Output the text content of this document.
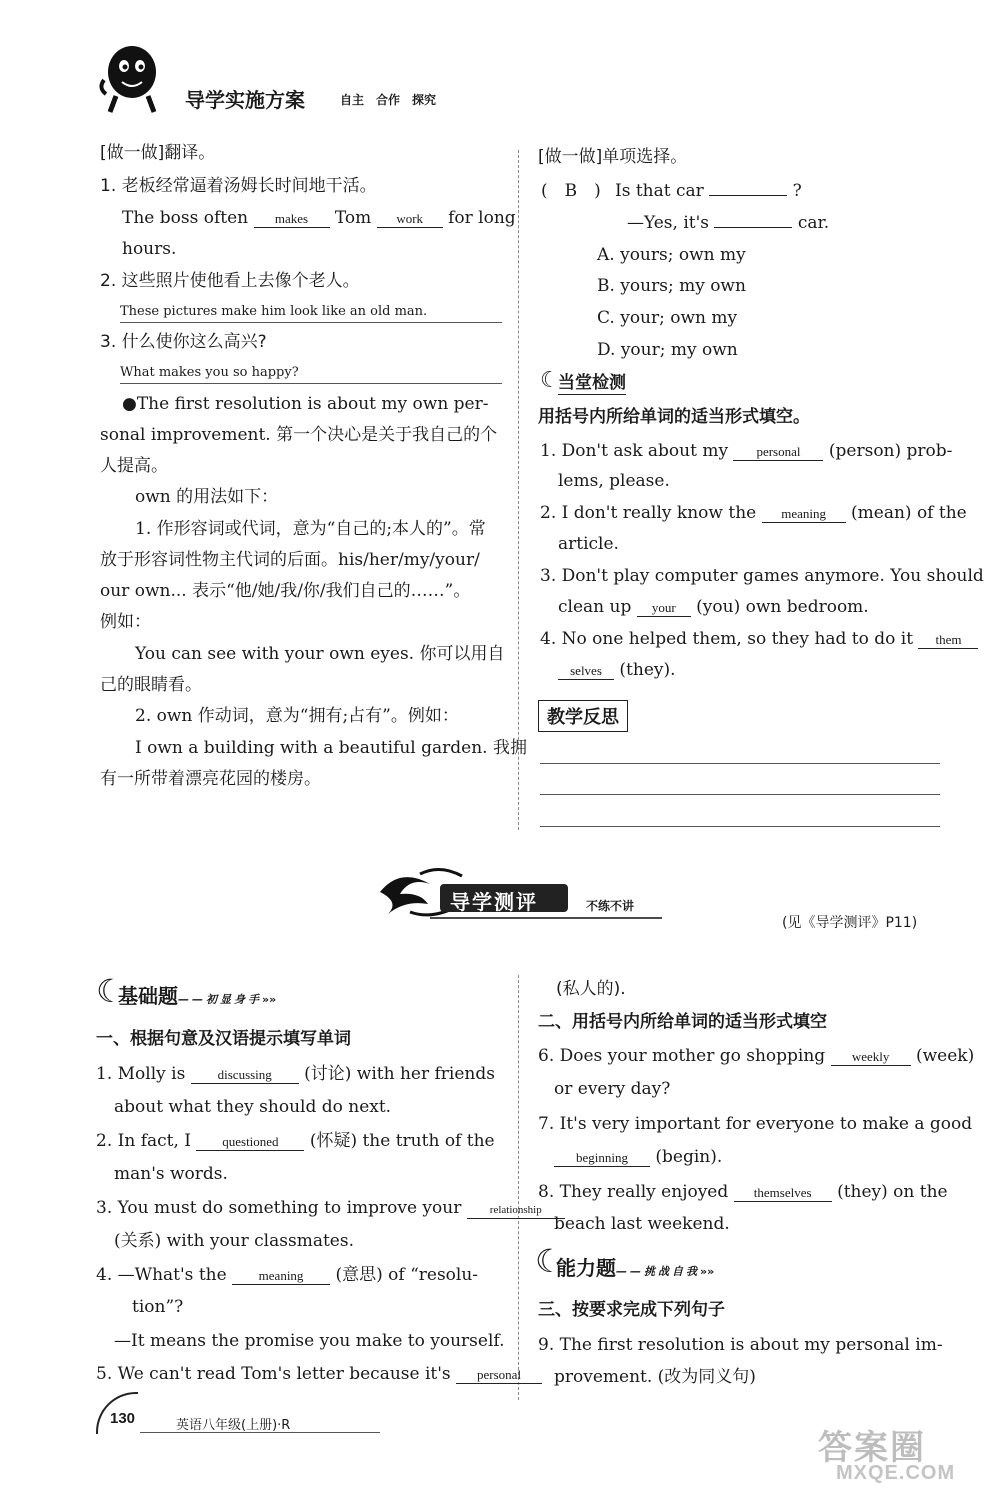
导学实施方案	自主　合作　探究
[做一做]翻译。
1. 老板经常逼着汤姆长时间地干活。
The boss often makes Tom work for long
hours.
2. 这些照片使他看上去像个老人。
These pictures make him look like an old man.
3. 什么使你这么高兴?
What makes you so happy?
●The first resolution is about my own per-
sonal improvement. 第一个决心是关于我自己的个
人提高。
own 的用法如下：
1. 作形容词或代词，意为“自己的;本人的”。常
放于形容词性物主代词的后面。his/her/my/your/
our own... 表示“他/她/我/你/我们自己的……”。
例如：
You can see with your own eyes. 你可以用自
己的眼睛看。
2. own 作动词，意为“拥有;占有”。例如：
I own a building with a beautiful garden. 我拥
有一所带着漂亮花园的楼房。
[做一做]单项选择。
(　B　) Is that car	?
—Yes, it's	car.
A. yours; own my
B. yours; my own
C. your; own my
D. your; my own
☾
当堂检测
用括号内所给单词的适当形式填空。
1. Don't ask about my personal (person) prob-
lems, please.
2. I don't really know the meaning (mean) of the
article.
3. Don't play computer games anymore. You should
clean up your (you) own bedroom.
4. No one helped them, so they had to do it them
selves (they).
教学反思
导学测评	不练不讲
(见《导学测评》P11)
☾
基础题——初显身手»»
一、根据句意及汉语提示填写单词
1. Molly is discussing (讨论) with her friends
about what they should do next.
2. In fact, I questioned (怀疑) the truth of the
man's words.
3. You must do something to improve your	relationship
(关系) with your classmates.
4. —What's the meaning (意思) of “resolu-
tion”?
—It means the promise you make to yourself.
5. We can't read Tom's letter because it's personal
(私人的).
二、用括号内所给单词的适当形式填空
6. Does your mother go shopping weekly (week)
or every day?
7. It's very important for everyone to make a good
beginning (begin).
8. They really enjoyed themselves (they) on the
beach last weekend.
☾
能力题——挑战自我»»
三、按要求完成下列句子
9. The first resolution is about my personal im-
provement. (改为同义句)
130	英语八年级(上册)·R
答案圈
MXQE.COM
